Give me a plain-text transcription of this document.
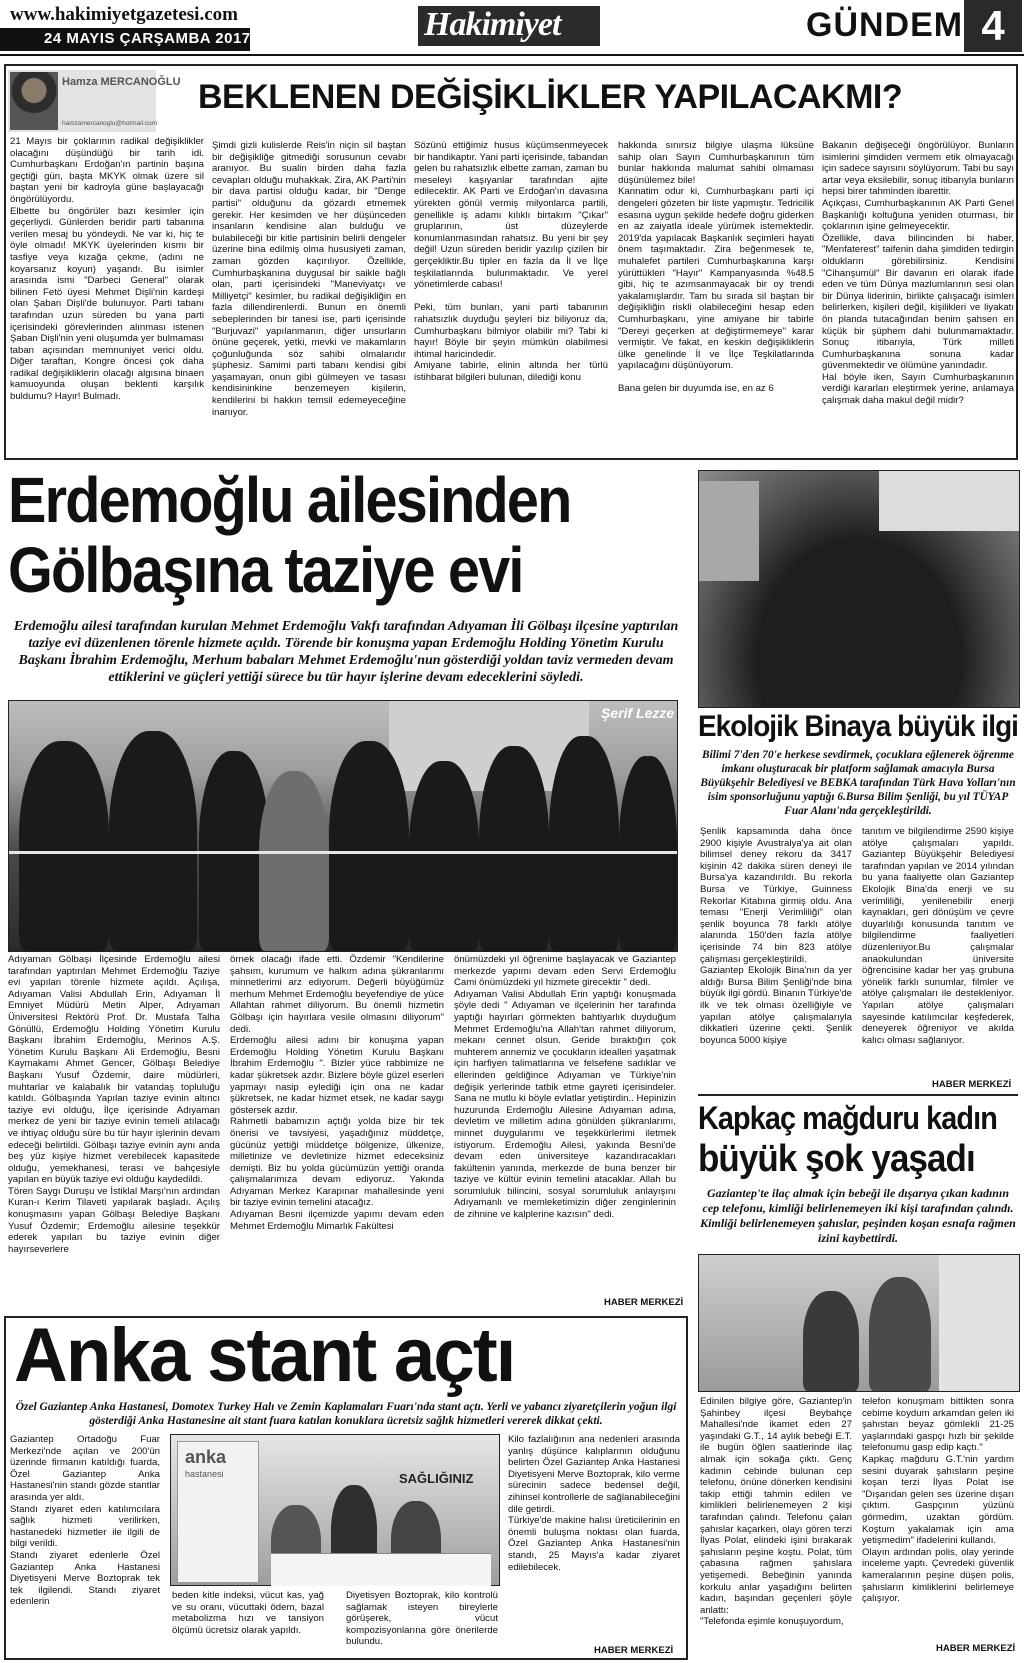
www.hakimiyetgazetesi.com
24 MAYIS ÇARŞAMBA 2017	Hakimiyet	GÜNDEM 4
Hamza MERCANOĞLU
hamzamercanoglu@hotmail.com
BEKLENEN DEĞİŞİKLİKLER YAPILACAKMI?
21 Mayıs bir çoklarının radikal değişiklikler olacağını düşündüğü bir tarih idi. Cumhurbaşkanı Erdoğan'ın partinin başına geçtiği gün, başta MKYK olmak üzere sil baştan yeni bir kadroyla güne başlayacağı öngörülüyordu.
Elbette bu öngörüler bazı kesimler için geçerliydi. Günlerden beridir parti tabanına verilen mesaj bu yöndeydi. Ne var ki, hiç te öyle olmadı! MKYK üyelerinden kısmı bir tasfiye veya kızağa çekme, (adını ne koyarsanız koyun) yaşandı. Bu isimler arasında ismi "Darbeci General" olarak bilinen Fetö üyesi Mehmet Dişli'nin kardeşi olan Şaban Dişli'de bulunuyor. Parti tabanı tarafından uzun süreden bu yana parti içerisindeki görevlerinden alınması istenen Şaban Dişli'nin yeni oluşumda yer bulmaması taban açısından memnuniyet verici oldu. Diğer taraftan, Kongre öncesi çok daha radikal değişikliklerin olacağı algısına binaen kamuoyunda oluşan beklenti karşılık buldumu? Hayır! Bulmadı.
Şimdi gizli kulislerde Reis'in niçin sil baştan bir değişikliğe gitmediği sorusunun cevabı aranıyor. Bu sualin birden daha fazla cevapları olduğu muhakkak. Zira, AK Parti'nin bir dava partisi olduğu kadar, bir "Denge partisi" olduğunu da gözardı etmemek gerekir. Her kesimden ve her düşünceden insanların kendisine alan bulduğu ve bulabileceği bir kitle partisinin belirli dengeler üzerine bina edilmiş olma hususiyeti zaman, zaman gözden kaçırılıyor. Özellikle, Cumhurbaşkanına duygusal bir saikle bağlı olan, parti içerisindeki "Maneviyatçı ve Milliyetçi" kesimler, bu radikal değişikliğin en fazla dillendirenlerdi. Bunun en önemli sebeplerinden bir tanesi ise, parti içerisinde "Burjuvazi" yapılanmanın, diğer unsurların önüne geçerek, yetki, mevki ve makamların çoğunluğunda söz sahibi olmalarıdır şüphesiz. Samimi parti tabanı kendisi gibi yaşamayan, onun gibi gülmeyen ve tasası kendisininkine benzemeyen kişilerin, kendilerini bi hakkın temsil edemeyeceğine inanıyor.
Sözünü ettiğimiz husus küçümsenmeyecek bir handikaptır. Yani parti içerisinde, tabandan gelen bu rahatsızlık elbette zaman, zaman bu meseleyi kaşıyanlar tarafından ajite edilecektir. AK Parti ve Erdoğan'ın davasına yürekten gönül vermiş milyonlarca partili, genellikle iş adamı kılıklı birtakım "Çıkar" gruplarının, üst düzeylerde konumlanmasından rahatsız. Bu yeni bir şey değil! Uzun süreden beridir yazılıp çizilen bir gerçekliktir.Bu tipler en fazla da İl ve İlçe teşkilatlarında bulunmaktadır. Ve yerel yönetimlerde cabası!

Peki, tüm bunları, yani parti tabanının rahatsızlık duyduğu şeyleri biz biliyoruz da, Cumhurbaşkanı bilmiyor olabilir mi? Tabi ki hayır! Böyle bir şeyin mümkün olabilmesi ihtimal haricindedir.
Amiyane tabirle, elinin altında her türlü istihbarat bilgileri bulunan, dilediği konu
hakkında sınırsız bilgiye ulaşma lüksüne sahip olan Sayın Cumhurbaşkanının tüm bunlar hakkında malumat sahibi olmaması düşünülemez bile!
Kannatim odur ki, Cumhurbaşkanı parti içi dengeleri gözeten bir liste yapmıştır. Tedricilik esasına uygun şekilde hedefe doğru giderken en az zaiyatla ideale yürümek istemektedir. 2019'da yapılacak Başkanlık seçimleri hayati önem taşımaktadır. Zira beğenmesek te, muhalefet partileri Cumhurbaşkanına karşı yürüttükleri "Hayır" Kampanyasında %48.5 gibi, hiç te azımsanmayacak bir oy trendi yakalamışlardır. Tam bu sırada sil baştan bir değişikliğin riskli olabileceğini hesap eden Cumhurbaşkanı, yine amiyane bir tabirle "Dereyi geçerken at değiştirmemeye" karar vermiştir. Ve fakat, en keskin değişikliklerin ülke genelinde İl ve İlçe Teşkilatlarında yapılacağını düşünüyorum.

Bana gelen bir duyumda ise, en az 6
Bakanın değişeceği öngörülüyor. Bunların isimlerini şimdiden vermem etik olmayacağı için sadece sayısını söylüyorum. Tabi bu sayı artar veya eksilebilir, sonuç itibarıyla bunların hepsi birer tahminden ibarettir.
Açıkçası, Cumhurbaşkanının AK Parti Genel Başkanlığı koltuğuna yeniden oturması, bir çoklarının işine gelmeyecektir.
Özellikle, dava bilincinden bi haber, "Menfaterest" taifenin daha şimdiden tedirgin oldukların görebilirsiniz. Kendisini "Cihanşumül" Bir davanın eri olarak ifade eden ve tüm Dünya mazlumlarının sesi olan bir Dünya liderinin, birlikte çalışacağı isimleri belirlerken, kişileri değil, kişilikleri ve liyakatı ön planda tutacağından benim şahsen en küçük bir şüphem dahi bulunmamaktadır. Sonuç itibarıyla, Türk milleti Cumhurbaşkanına sonuna kadar güvenmektedir ve ölümüne yanındadır.
Hal böyle iken, Sayın Cumhurbaşkanının verdiği kararları eleştirmek yerine, anlamaya çalışmak daha makul değil midir?
Erdemoğlu ailesinden
Gölbaşına taziye evi
Erdemoğlu ailesi tarafından kurulan Mehmet Erdemoğlu Vakfı tarafından Adıyaman İli Gölbaşı ilçesine yaptırılan taziye evi düzenlenen törenle hizmete açıldı. Törende bir konuşma yapan Erdemoğlu Holding Yönetim Kurulu Başkanı İbrahim Erdemoğlu, Merhum babaları Mehmet Erdemoğlu'nun gösterdiği yoldan taviz vermeden devam ettiklerini ve güçleri yettiği sürece bu tür hayır işlerine devam edeceklerini söyledi.
Şerif Lezze
Adıyaman Gölbaşı İlçesinde Erdemoğlu ailesi tarafından yaptırılan Mehmet Erdemoğlu Taziye evi yapılan törenle hizmete açıldı. Açılışa, Adıyaman Valisi Abdullah Erin, Adıyaman İl Emniyet Müdürü Metin Alper, Adıyaman Üniversitesi Rektörü Prof. Dr. Mustafa Talha Gönüllü, Erdemoğlu Holding Yönetim Kurulu Başkanı İbrahim Erdemoğlu, Merinos A.Ş. Yönetim Kurulu Başkanı Ali Erdemoğlu, Besni Kaymakamı Ahmet Gencer, Gölbaşı Belediye Başkanı Yusuf Özdemir, daire müdürleri, muhtarlar ve kalabalık bir vatandaş topluluğu katıldı. Gölbaşında Yapılan taziye evinin altıncı taziye evi olduğu, İlçe içerisinde Adıyaman merkez de yeni bir taziye evinin temeli atılacağı ve ihtiyaç olduğu süre bu tür hayır işlerinin devam edeceği belirtildi. Gölbaşı taziye evinin aynı anda beş yüz kişiye hizmet verebilecek kapasitede olduğu, yemekhanesi, terası ve bahçesiyle yapılan en büyük taziye evi olduğu kaydedildi.
Tören Saygı Duruşu ve İstiklal Marşı'nın ardından Kuran-ı Kerim Tilaveti yapılarak başladı. Açılış konuşmasını yapan Gölbaşı Belediye Başkanı Yusuf Özdemir; Erdemoğlu ailesine teşekkür ederek yapılan bu taziye evinin diğer hayırseverlere
örnek olacağı ifade etti. Özdemir "Kendilerine şahsım, kurumum ve halkım adına şükranlarımı minnetlerimi arz ediyorum. Değerli büyüğümüz merhum Mehmet Erdemoğlu beyefendiye de yüce Allahtan rahmet diliyorum. Bu önemli hizmetin Gölbaşı için hayırlara vesile olmasını diliyorum" dedi.
Erdemoğlu ailesi adını bir konuşma yapan Erdemoğlu Holding Yönetim Kurulu Başkanı İbrahim Erdemoğlu ". Bizler yüce rabbimize ne kadar şükretsek azdır. Bizlere böyle güzel eserleri yapmayı nasip eylediği için ona ne kadar şükretsek, ne kadar hizmet etsek, ne kadar saygı göstersek azdır.
Rahmetli babamızın açtığı yolda bize bir tek önerisi ve tavsiyesi, yaşadığınız müddetçe, gücünüz yettiği müddetçe bölgenize, ülkenize, milletinize ve devletinize hizmet edeceksiniz demişti. Biz bu yolda gücümüzün yettiği oranda çalışmalarımıza devam ediyoruz. Yakında Adıyaman Merkez Karapınar mahallesinde yeni bir taziye evinin temelini atacağız.
Adıyaman Besni ilçemizde yapımı devam eden Mehmet Erdemoğlu Mimarlık Fakültesi
önümüzdeki yıl öğrenime başlayacak ve Gaziantep merkezde yapımı devam eden Servi Erdemoğlu Cami önümüzdeki yıl hizmete girecektir " dedi.
Adıyaman Valisi Abdullah Erin yaptığı konuşmada şöyle dedi " Adıyaman ve ilçelerinin her tarafında yaptığı hayırları görmekten bahtiyarlık duyduğum Mehmet Erdemoğlu'na Allah'tan rahmet diliyorum, mekanı cennet olsun. Geride bıraktığın çok muhterem annemiz ve çocukların idealleri yaşatmak için harfiyen talimatlarına ve felsefene sadıklar ve ellerinden geldiğince Adıyaman ve Türkiye'nin değişik yerlerinde tatbik etme gayreti içerisindeler. Sana ne mutlu ki böyle evlatlar yetiştirdin.. Hepinizin huzurunda Erdemoğlu Ailesine Adıyaman adına, devletim ve milletim adına gönülden şükranlarımı, minnet duygularımı ve teşekkürlerimi iletmek istiyorum. Erdemoğlu Ailesi, yakında Besni'de devam eden üniversiteye kazandıracakları fakültenin yanında, merkezde de buna benzer bir taziye ve kültür evinin temelini atacaklar. Allah bu sorumluluk bilincini, sosyal sorumluluk anlayışını Adıyamanlı ve memleketimizin diğer zenginlerinin de zihnine ve kalplerine kazısın" dedi.
HABER MERKEZİ
Ekolojik Binaya büyük ilgi
Bilimi 7'den 70'e herkese sevdirmek, çocuklara eğlenerek öğrenme imkanı oluşturacak bir platform sağlamak amacıyla Bursa Büyükşehir Belediyesi ve BEBKA tarafından Türk Hava Yolları'nın isim sponsorluğunu yaptığı 6.Bursa Bilim Şenliği, bu yıl TÜYAP Fuar Alanı'nda gerçekleştirildi.
Şenlik kapsamında daha önce 2900 kişiyle Avustralya'ya ait olan bilimsel deney rekoru da 3417 kişinin 42 dakika süren deneyi ile Bursa'ya kazandırıldı. Bu rekorla Bursa ve Türkiye, Guinness Rekorlar Kitabına girmiş oldu. Ana teması "Enerji Verimliliği" olan şenlik boyunca 78 farklı atölye alanında 150'den fazla atölye içerisinde 74 bin 823 atölye çalışması gerçekleştirildi.
Gaziantep Ekolojik Bina'nın da yer aldığı Bursa Bilim Şenliği'nde bina büyük ilgi gördü. Binanın Türkiye'de ilk ve tek olması özelliğiyle ve yapılan atölye çalışmalarıyla dikkatleri üzerine çekti. Şenlik boyunca 5000 kişiye
tanıtım ve bilgilendirme 2590 kişiye atölye çalışmaları yapıldı. Gaziantep Büyükşehir Belediyesi tarafından yapılan ve 2014 yılından bu yana faaliyette olan Gaziantep Ekolojik Bina'da enerji ve su verimliliği, yenilenebilir enerji kaynakları, geri dönüşüm ve çevre duyarlılığı konusunda tanıtım ve bilgilendirme faaliyetleri düzenleniyor.Bu çalışmalar anaokulundan üniversite öğrencisine kadar her yaş grubuna yönelik farklı sunumlar, filmler ve atölye çalışmaları ile destekleniyor. Yapılan atölye çalışmaları sayesinde katılımcılar keşfederek, deneyerek öğreniyor ve akılda kalıcı olması sağlanıyor.
HABER MERKEZİ
Kapkaç mağduru kadın
büyük şok yaşadı
Gaziantep'te ilaç almak için bebeği ile dışarıya çıkan kadının cep telefonu, kimliği belirlenemeyen iki kişi tarafından çalındı. Kimliği belirlenemeyen şahıslar, peşinden koşan esnafa rağmen izini kaybettirdi.
Edinilen bilgiye göre, Gaziantep'in Şahinbey ilçesi Beybahçe Mahallesi'nde ikamet eden 27 yaşındaki G.T., 14 aylık bebeği E.T. ile bugün öğlen saatlerinde ilaç almak için sokağa çıktı. Genç kadının cebinde bulunan cep telefonu, önüne dönerken kendisini takip ettiği tahmin edilen ve kimlikleri belirlenemeyen 2 kişi tarafından çalındı. Telefonu çalan şahıslar kaçarken, olayı gören terzi İlyas Polat, elindeki işini bırakarak şahısların peşine koştu. Polat, tüm çabasına rağmen şahıslara yetişemedi. Bebeğinin yanında korkulu anlar yaşadığını belirten kadın, başından geçenleri şöyle anlattı:
"Telefonda eşimle konuşuyordum,
telefon konuşmam bittikten sonra cebime koydum arkamdan gelen iki şahıstan beyaz gömlekli 21-25 yaşlarındaki gaspçı hızlı bir şekilde telefonumu gasp edip kaçtı."
Kapkaç mağduru G.T.'nin yardım sesini duyarak şahısların peşine koşan terzi İlyas Polat ise "Dışarıdan gelen ses üzerine dışarı çıktım. Gaspçının yüzünü görmedim, uzaktan gördüm. Koştum yakalamak için ama yetişmedim" ifadelerini kullandı.
Olayın ardından polis, olay yerinde inceleme yaptı. Çevredeki güvenlik kameralarının peşine düşen polis, şahısların kimliklerini belirlemeye çalışıyor.
HABER MERKEZİ
Anka stant açtı
Özel Gaziantep Anka Hastanesi, Domotex Turkey Halı ve Zemin Kaplamaları Fuarı'nda stant açtı. Yerli ve yabancı ziyaretçilerin yoğun ilgi gösterdiği Anka Hastanesine ait stant fuara katılan konuklara ücretsiz sağlık hizmetleri vererek dikkat çekti.
Gaziantep Ortadoğu Fuar Merkezi'nde açılan ve 200'ün üzerinde firmanın katıldığı fuarda, Özel Gaziantep Anka Hastanesi'nin standı gözde stantlar arasında yer aldı.
Standı ziyaret eden katılımcılara sağlık hizmeti verilirken, hastanedeki hizmetler ile ilgili de bilgi verildi.
Standı ziyaret edenlerle Özel Gaziantep Anka Hastanesi Diyetisyeni Merve Boztoprak tek tek ilgilendi. Standı ziyaret edenlerin
anka
hastanesi	SAĞLIĞINIZ
beden kitle indeksi, vücut kas, yağ ve su oranı, vücuttaki ödem, bazal metabolizma hızı ve tansiyon ölçümü ücretsiz olarak yapıldı.
Diyetisyen Boztoprak, kilo kontrolü sağlamak isteyen bireylerle görüşerek, vücut kompozisyonlarına göre önerilerde bulundu.
Kilo fazlalığının ana nedenleri arasında yanlış düşünce kalıplarının olduğunu belirten Özel Gaziantep Anka Hastanesi Diyetisyeni Merve Boztoprak, kilo verme sürecinin sadece bedensel değil, zihinsel kontrollerle de sağlanabileceğini dile getirdi.
Türkiye'de makine halısı üreticilerinin en önemli buluşma noktası olan fuarda, Özel Gaziantep Anka Hastanesi'nin standı, 25 Mayıs'a kadar ziyaret edilebilecek.
HABER MERKEZİ
